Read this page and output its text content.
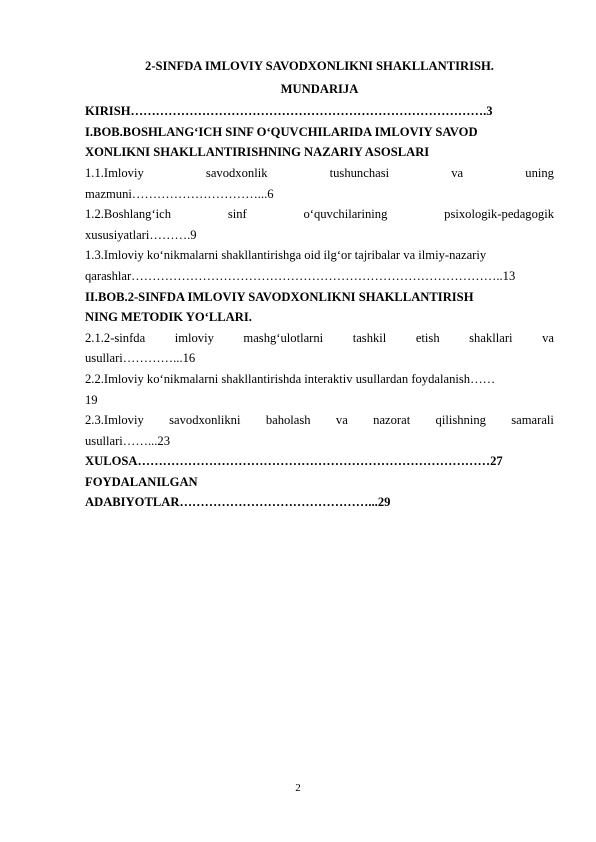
2-SINFDA IMLOVIY SAVODXONLIKNI SHAKLLANTIRISH.

MUNDARIJA

KIRISH………………………………………………………………………….3

I.BOB.BOSHLANG‘ICH SINF O‘QUVCHILARIDA IMLOVIY SAVOD

XONLIKNI SHAKLLANTIRISHNING NAZARIY ASOSLARI

1.1.Imloviy	savodxonlik	tushunchasi	va	uning

mazmuni…………………………...6

1.2.Boshlang‘ich	sinf	o‘quvchilarining	psixologik-pedagogik

xususiyatlari……….9

1.3.Imloviy ko‘nikmalarni shakllantirishga oid ilg‘or tajribalar va ilmiy-nazariy

qarashlar……………………………………………………………………………..13

II.BOB.2-SINFDA IMLOVIY SAVODXONLIKNI SHAKLLANTIRISH

NING METODIK YO‘LLARI.

2.1.2-sinfda imloviy mashg‘ulotlarni tashkil etish shakllari va

usullari…………...16

2.2.Imloviy ko‘nikmalarni shakllantirishda interaktiv usullardan foydalanish……

19

2.3.Imloviy savodxonlikni baholash va nazorat qilishning samarali

usullari……...23

XULOSA…………………………………………………………………………27

FOYDALANILGAN

ADABIYOTLAR………………………………………...29

2
